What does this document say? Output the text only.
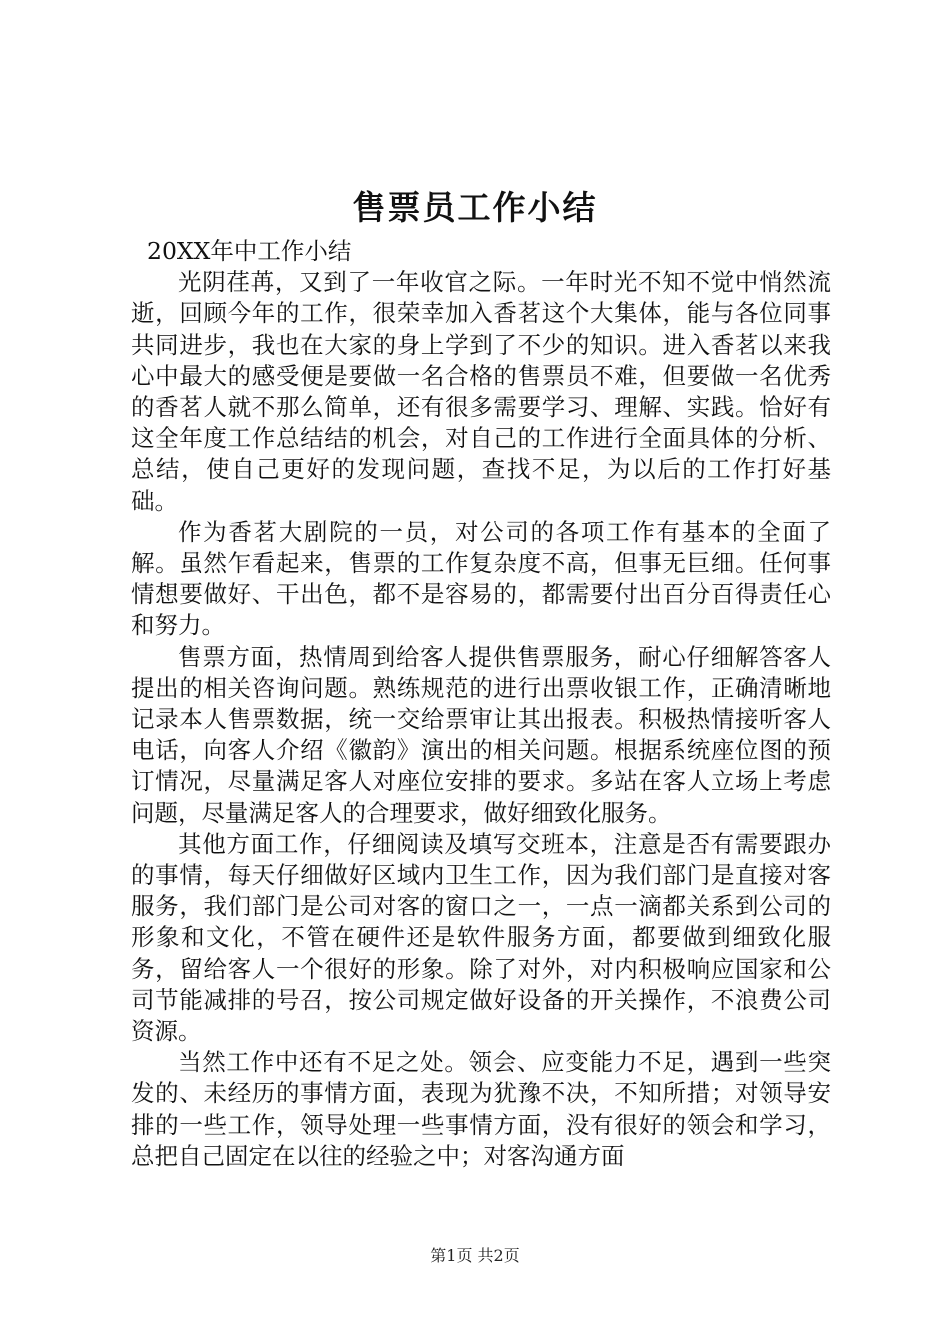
售票员工作小结

20XX年中工作小结

光阴荏苒，又到了一年收官之际。一年时光不知不觉中悄然流逝，回顾今年的工作，很荣幸加入香茗这个大集体，能与各位同事共同进步，我也在大家的身上学到了不少的知识。进入香茗以来我心中最大的感受便是要做一名合格的售票员不难，但要做一名优秀的香茗人就不那么简单，还有很多需要学习、理解、实践。恰好有这全年度工作总结结的机会，对自己的工作进行全面具体的分析、总结，使自己更好的发现问题，查找不足，为以后的工作打好基础。

作为香茗大剧院的一员，对公司的各项工作有基本的全面了解。虽然乍看起来，售票的工作复杂度不高，但事无巨细。任何事情想要做好、干出色，都不是容易的，都需要付出百分百得责任心和努力。

售票方面，热情周到给客人提供售票服务，耐心仔细解答客人提出的相关咨询问题。熟练规范的进行出票收银工作，正确清晰地记录本人售票数据，统一交给票审让其出报表。积极热情接听客人电话，向客人介绍《徽韵》演出的相关问题。根据系统座位图的预订情况，尽量满足客人对座位安排的要求。多站在客人立场上考虑问题，尽量满足客人的合理要求，做好细致化服务。

其他方面工作，仔细阅读及填写交班本，注意是否有需要跟办的事情，每天仔细做好区域内卫生工作，因为我们部门是直接对客服务，我们部门是公司对客的窗口之一，一点一滴都关系到公司的形象和文化，不管在硬件还是软件服务方面，都要做到细致化服务，留给客人一个很好的形象。除了对外，对内积极响应国家和公司节能减排的号召，按公司规定做好设备的开关操作，不浪费公司资源。

当然工作中还有不足之处。领会、应变能力不足，遇到一些突发的、未经历的事情方面，表现为犹豫不决，不知所措；对领导安排的一些工作，领导处理一些事情方面，没有很好的领会和学习，总把自己固定在以往的经验之中；对客沟通方面

第1页 共2页
